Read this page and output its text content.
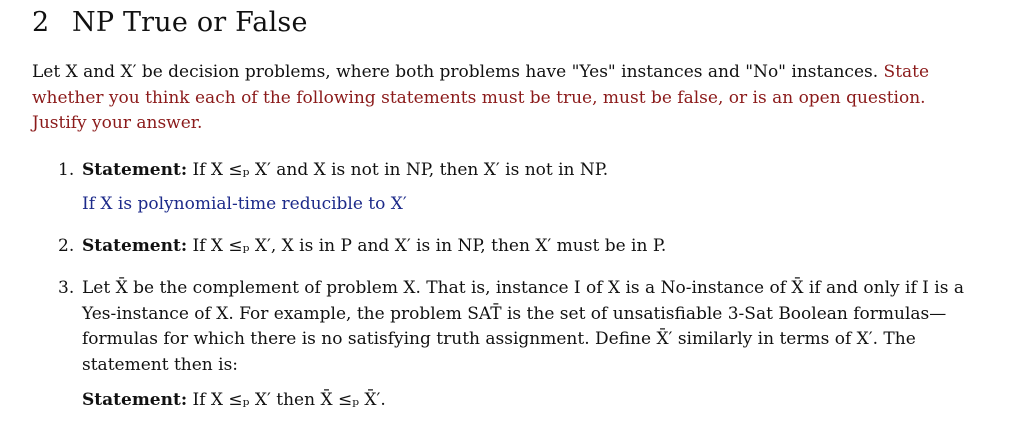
2 NP True or False
Let X and X′ be decision problems, where both problems have "Yes" instances and "No" instances. State whether you think each of the following statements must be true, must be false, or is an open question. Justify your answer.
1. Statement: If X ≤ₚ X′ and X is not in NP, then X′ is not in NP.
If X is polynomial-time reducible to X′
2. Statement: If X ≤ₚ X′, X is in P and X′ is in NP, then X′ must be in P.
3. Let X̄ be the complement of problem X. That is, instance I of X is a No-instance of X̄ if and only if I is a Yes-instance of X. For example, the problem SAT̄ is the set of unsatisfiable 3-Sat Boolean formulas—formulas for which there is no satisfying truth assignment. Define X̄′ similarly in terms of X′. The statement then is:
Statement: If X ≤ₚ X′ then X̄ ≤ₚ X̄′.
